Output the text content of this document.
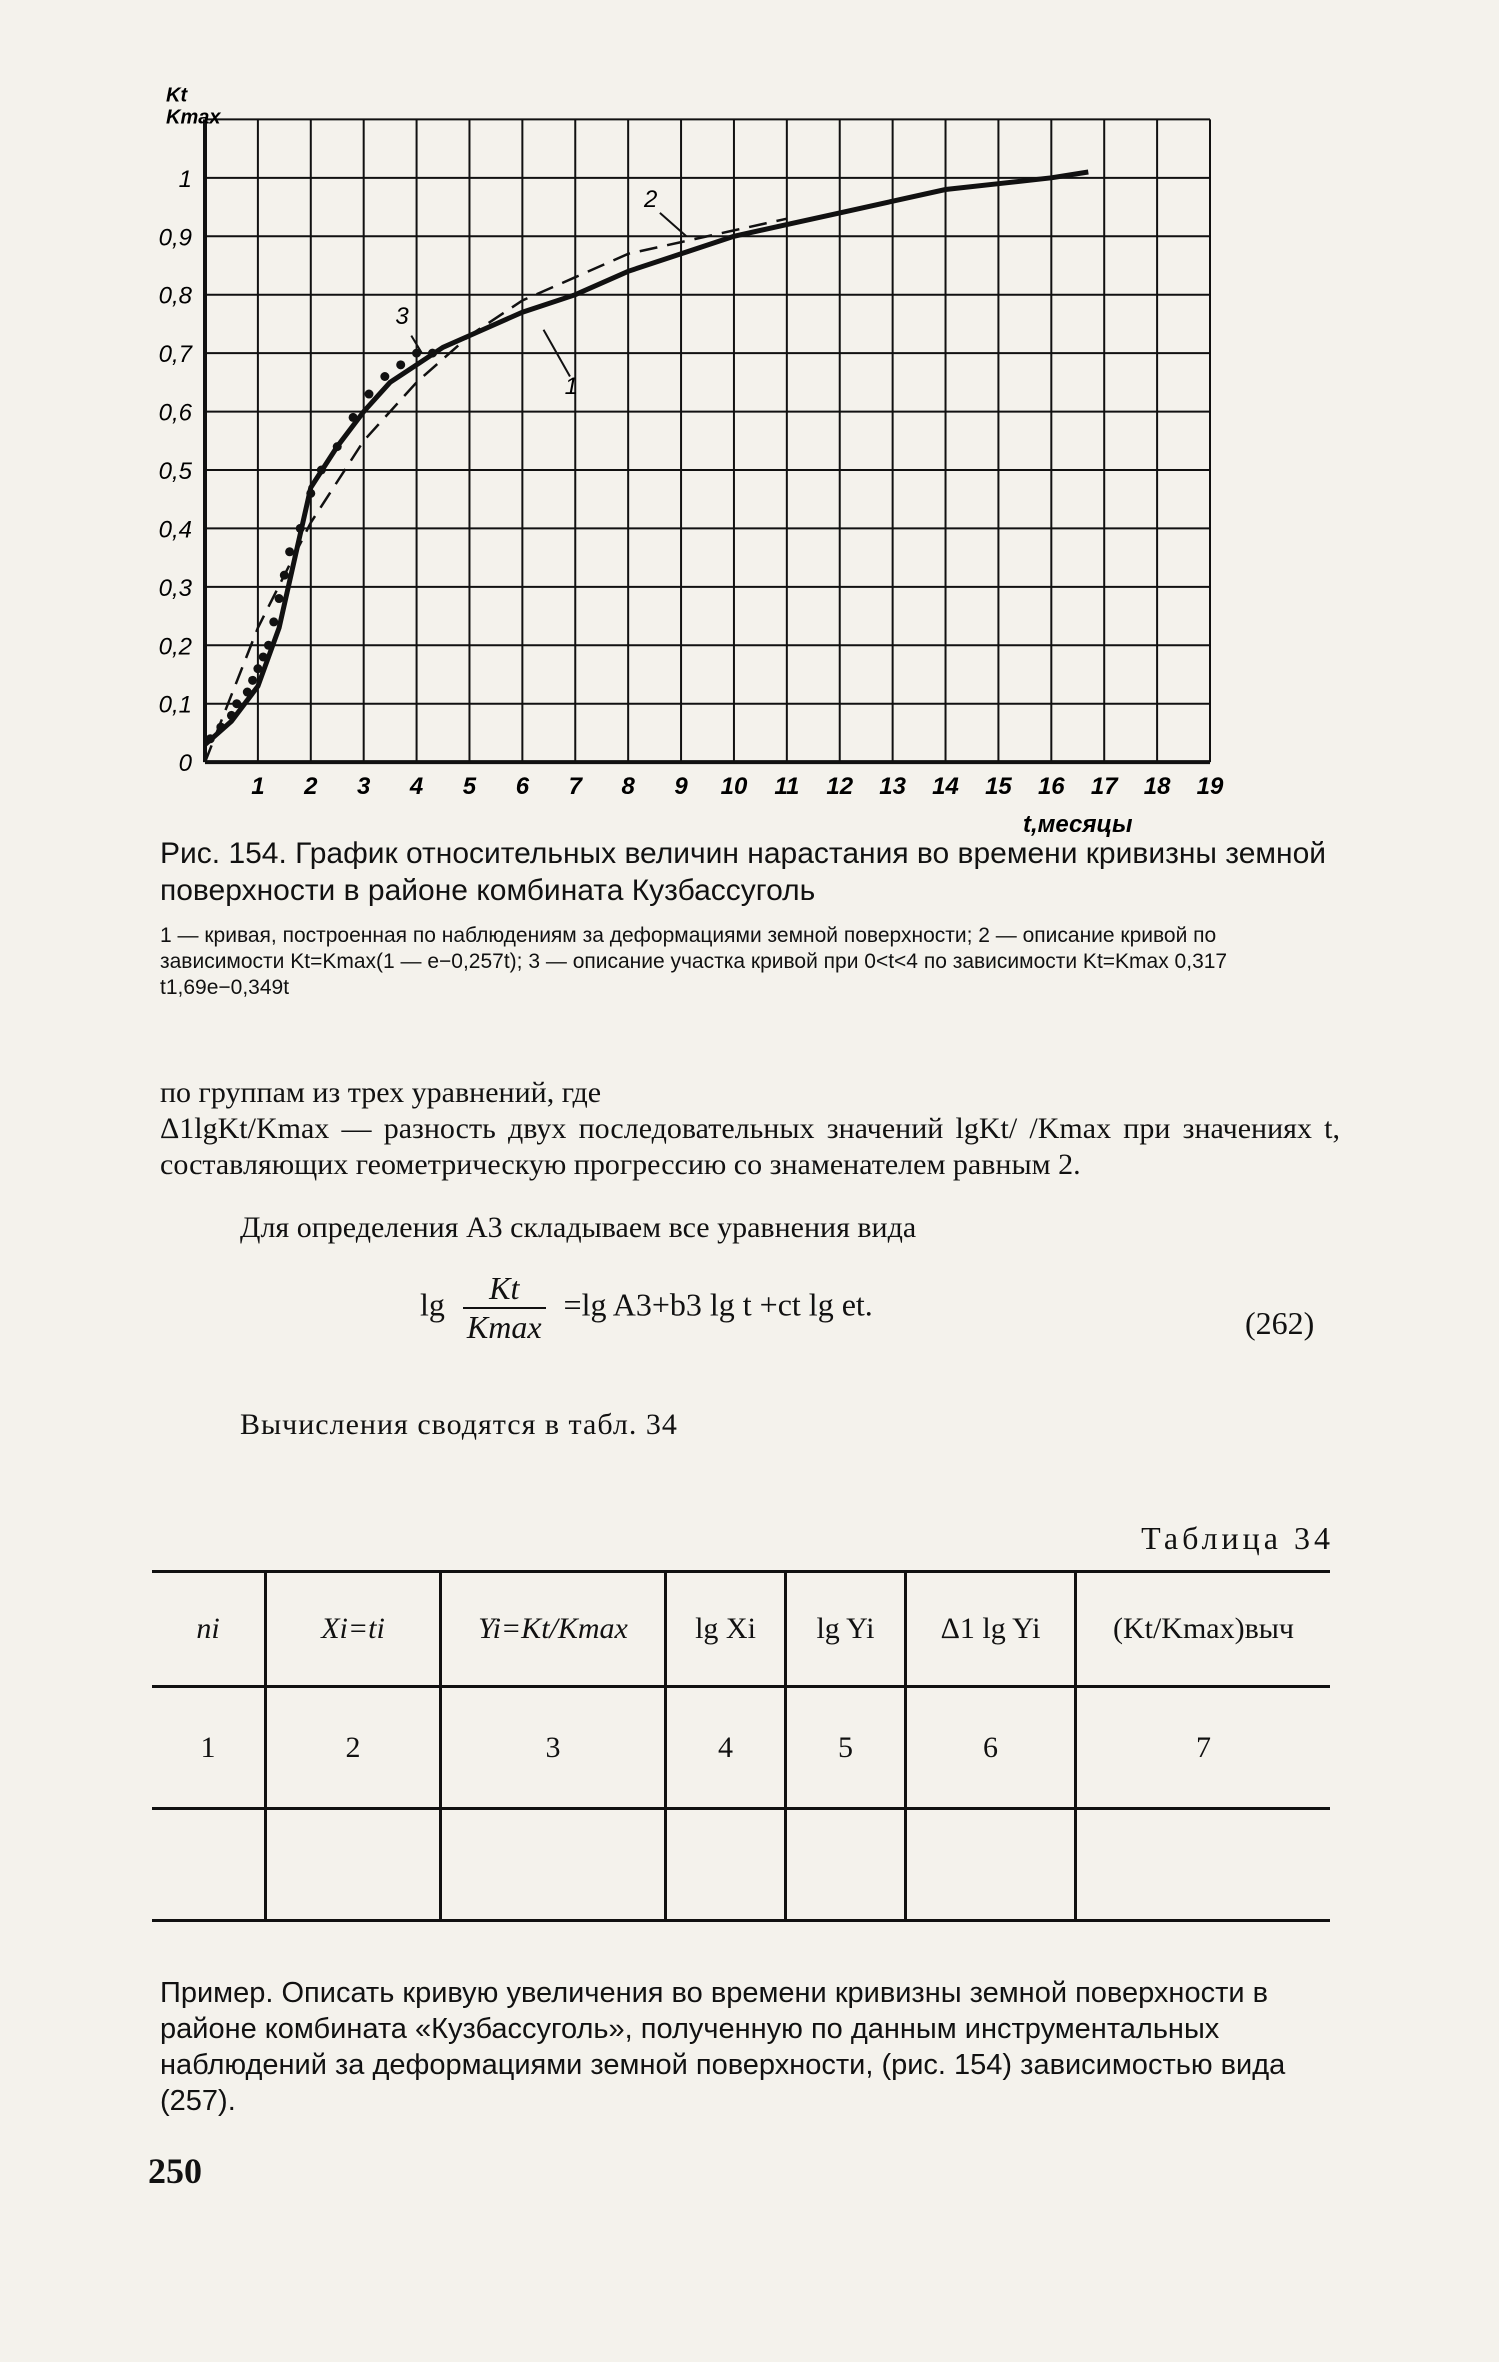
0
0,1
0,2
0,3
0,4
0,5
0,6
0,7
0,8
0,9
1
1 2 3 4 5 6 7 8 9 10 11 12 13 14 15 16 17 18 19
1
2
3
t,месяцы
Kt
Kmax
Рис. 154. График относительных величин нарастания во времени кривизны земной поверхности в районе комбината Кузбассуголь
1 — кривая, построенная по наблюдениям за деформациями земной поверхности; 2 — описание кривой по зависимости Kt=Kmax(1 — e−0,257t); 3 — описание участка кривой при 0<t<4 по зависимости Kt=Kmax 0,317 t1,69e−0,349t
по группам из трех уравнений, где
Δ1lgKt/Kmax — разность двух последовательных значений lgKt/ /Kmax при значениях t, составляющих геометрическую прогрессию со знаменателем равным 2.
Для определения A3 складываем все уравнения вида
$\lg \frac{Kt}{Kmax} =\lg$ A3+b3 lg t +ct lg et.
(262)
Вычисления сводятся в табл. 34
Таблица 34
ni	Xi=ti	Yi=Kt/Kmax	lg Xi	lg Yi	Δ1 lg Yi	(Kt/Kmax)выч
1	2	3	4	5	6	7

Пример. Описать кривую увеличения во времени кривизны земной поверхности в районе комбината «Кузбассуголь», полученную по данным инструментальных наблюдений за деформациями земной поверхности, (рис. 154) зависимостью вида (257).
250
